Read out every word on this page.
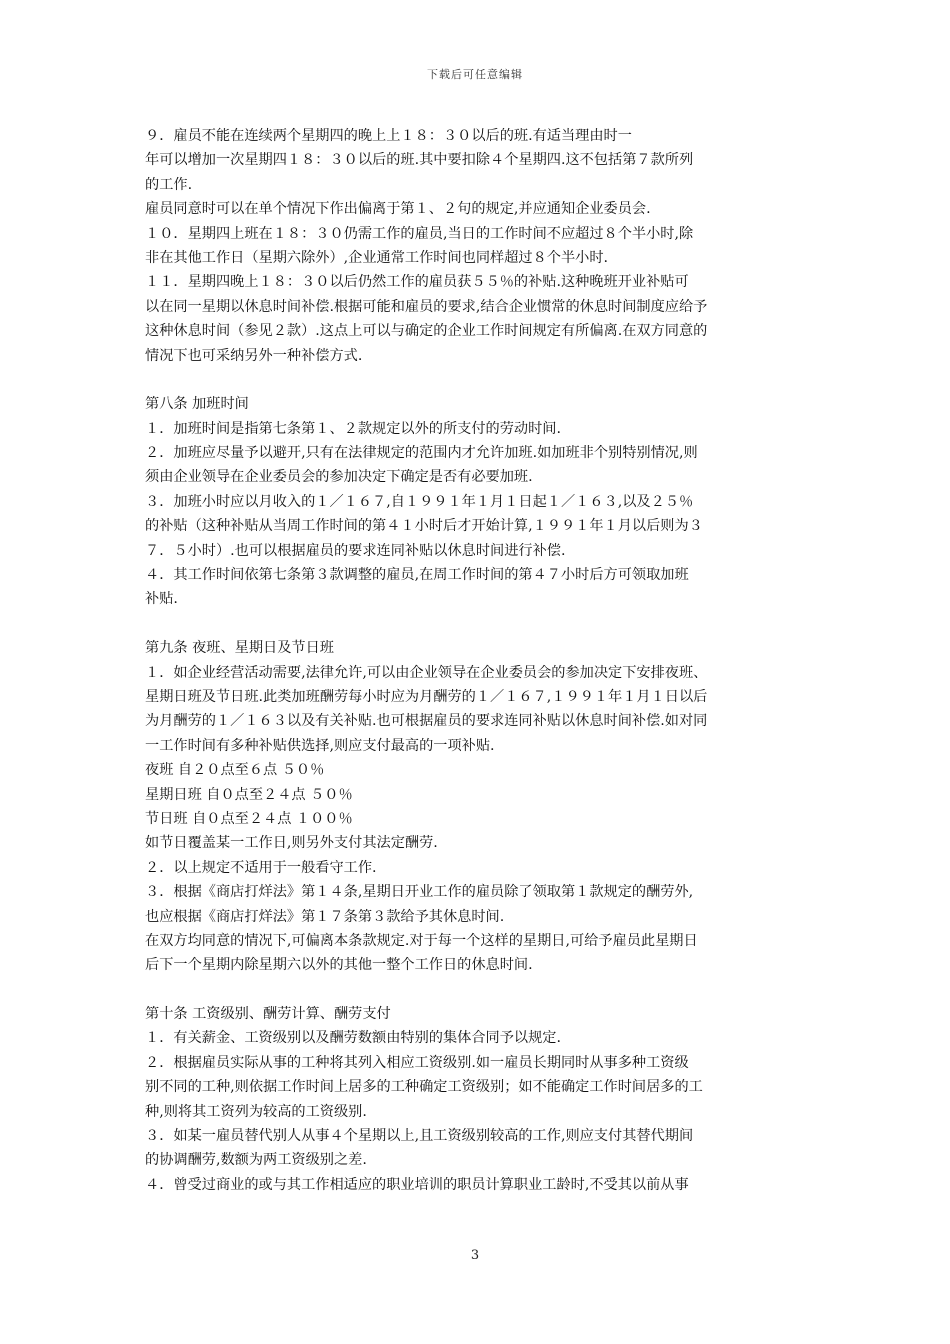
下载后可任意编辑
９．雇员不能在连续两个星期四的晚上上１８：３０以后的班.有适当理由时一
年可以增加一次星期四１８：３０以后的班.其中要扣除４个星期四.这不包括第７款所列
的工作.
雇员同意时可以在单个情况下作出偏离于第１、２句的规定,并应通知企业委员会.
１０．星期四上班在１８：３０仍需工作的雇员,当日的工作时间不应超过８个半小时,除
非在其他工作日（星期六除外）,企业通常工作时间也同样超过８个半小时.
１１．星期四晚上１８：３０以后仍然工作的雇员获５５％的补贴.这种晚班开业补贴可
以在同一星期以休息时间补偿.根据可能和雇员的要求,结合企业惯常的休息时间制度应给予
这种休息时间（参见２款）.这点上可以与确定的企业工作时间规定有所偏离.在双方同意的
情况下也可采纳另外一种补偿方式.
第八条 加班时间
１．加班时间是指第七条第１、２款规定以外的所支付的劳动时间.
２．加班应尽量予以避开,只有在法律规定的范围内才允许加班.如加班非个别特别情况,则
须由企业领导在企业委员会的参加决定下确定是否有必要加班.
３．加班小时应以月收入的１／１６７,自１９９１年１月１日起１／１６３,以及２５％
的补贴（这种补贴从当周工作时间的第４１小时后才开始计算,１９９１年１月以后则为３
７．５小时）.也可以根据雇员的要求连同补贴以休息时间进行补偿.
４．其工作时间依第七条第３款调整的雇员,在周工作时间的第４７小时后方可领取加班
补贴.
第九条 夜班、星期日及节日班
１．如企业经营活动需要,法律允许,可以由企业领导在企业委员会的参加决定下安排夜班、
星期日班及节日班.此类加班酬劳每小时应为月酬劳的１／１６７,１９９１年１月１日以后
为月酬劳的１／１６３以及有关补贴.也可根据雇员的要求连同补贴以休息时间补偿.如对同
一工作时间有多种补贴供选择,则应支付最高的一项补贴.
夜班 自２０点至６点 ５０％
星期日班 自０点至２４点 ５０％
节日班 自０点至２４点 １００％
如节日覆盖某一工作日,则另外支付其法定酬劳.
２．以上规定不适用于一般看守工作.
３．根据《商店打烊法》第１４条,星期日开业工作的雇员除了领取第１款规定的酬劳外,
也应根据《商店打烊法》第１７条第３款给予其休息时间.
在双方均同意的情况下,可偏离本条款规定.对于每一个这样的星期日,可给予雇员此星期日
后下一个星期内除星期六以外的其他一整个工作日的休息时间.
第十条 工资级别、酬劳计算、酬劳支付
１．有关薪金、工资级别以及酬劳数额由特别的集体合同予以规定.
２．根据雇员实际从事的工种将其列入相应工资级别.如一雇员长期同时从事多种工资级
别不同的工种,则依据工作时间上居多的工种确定工资级别；如不能确定工作时间居多的工
种,则将其工资列为较高的工资级别.
３．如某一雇员替代别人从事４个星期以上,且工资级别较高的工作,则应支付其替代期间
的协调酬劳,数额为两工资级别之差.
４．曾受过商业的或与其工作相适应的职业培训的职员计算职业工龄时,不受其以前从事
3
